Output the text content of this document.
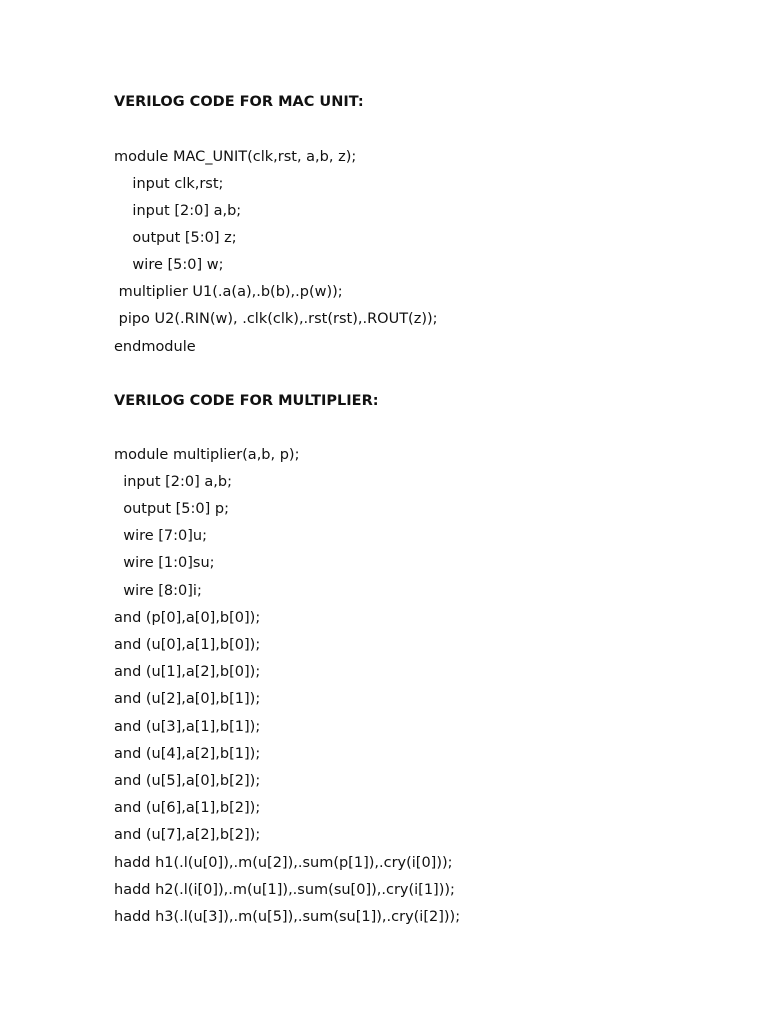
VERILOG CODE FOR MAC UNIT:
module MAC_UNIT(clk,rst, a,b, z);
input clk,rst;
input [2:0] a,b;
output [5:0] z;
wire [5:0] w;
multiplier U1(.a(a),.b(b),.p(w));
pipo U2(.RIN(w), .clk(clk),.rst(rst),.ROUT(z));
endmodule
VERILOG CODE FOR MULTIPLIER:
module multiplier(a,b, p);
input [2:0] a,b;
output [5:0] p;
wire [7:0]u;
wire [1:0]su;
wire [8:0]i;
and (p[0],a[0],b[0]);
and (u[0],a[1],b[0]);
and (u[1],a[2],b[0]);
and (u[2],a[0],b[1]);
and (u[3],a[1],b[1]);
and (u[4],a[2],b[1]);
and (u[5],a[0],b[2]);
and (u[6],a[1],b[2]);
and (u[7],a[2],b[2]);
hadd h1(.l(u[0]),.m(u[2]),.sum(p[1]),.cry(i[0]));
hadd h2(.l(i[0]),.m(u[1]),.sum(su[0]),.cry(i[1]));
hadd h3(.l(u[3]),.m(u[5]),.sum(su[1]),.cry(i[2]));
